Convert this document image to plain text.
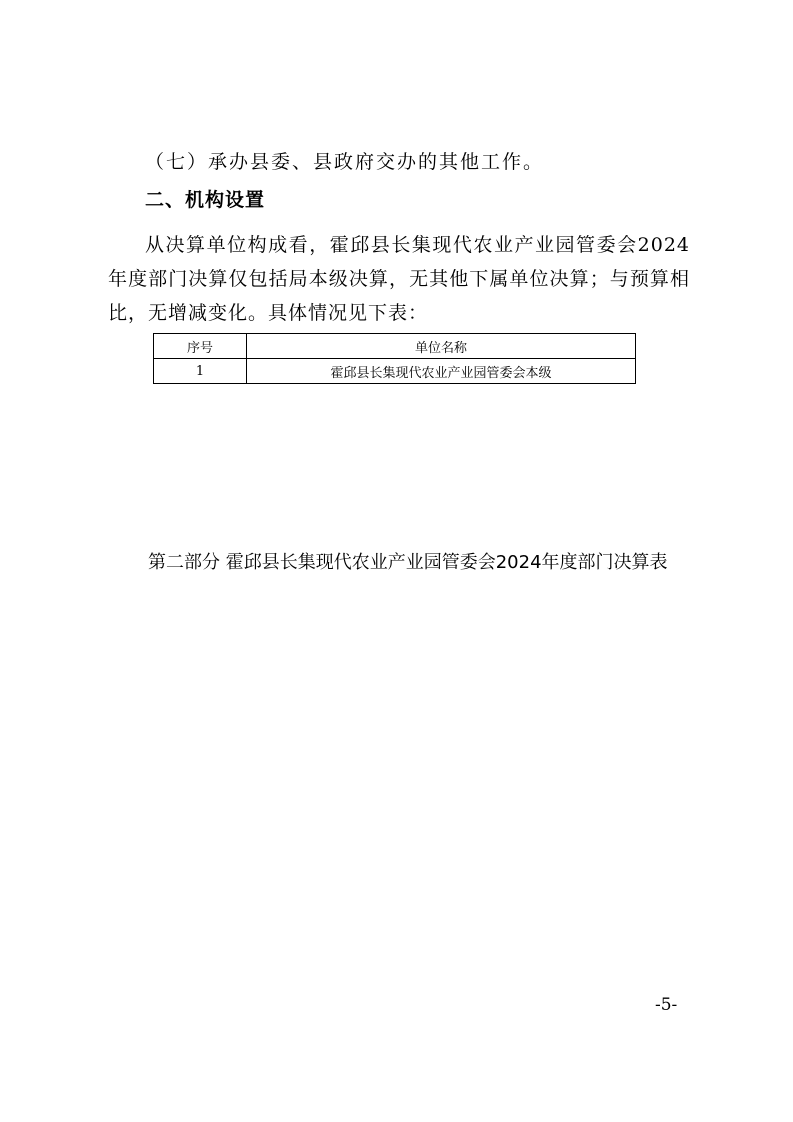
（七）承办县委、县政府交办的其他工作。
二、机构设置
从决算单位构成看，霍邱县长集现代农业产业园管委会2024年度部门决算仅包括局本级决算，无其他下属单位决算；与预算相比，无增减变化。具体情况见下表：
序号	单位名称
1	霍邱县长集现代农业产业园管委会本级
第二部分 霍邱县长集现代农业产业园管委会2024年度部门决算表
-5-
